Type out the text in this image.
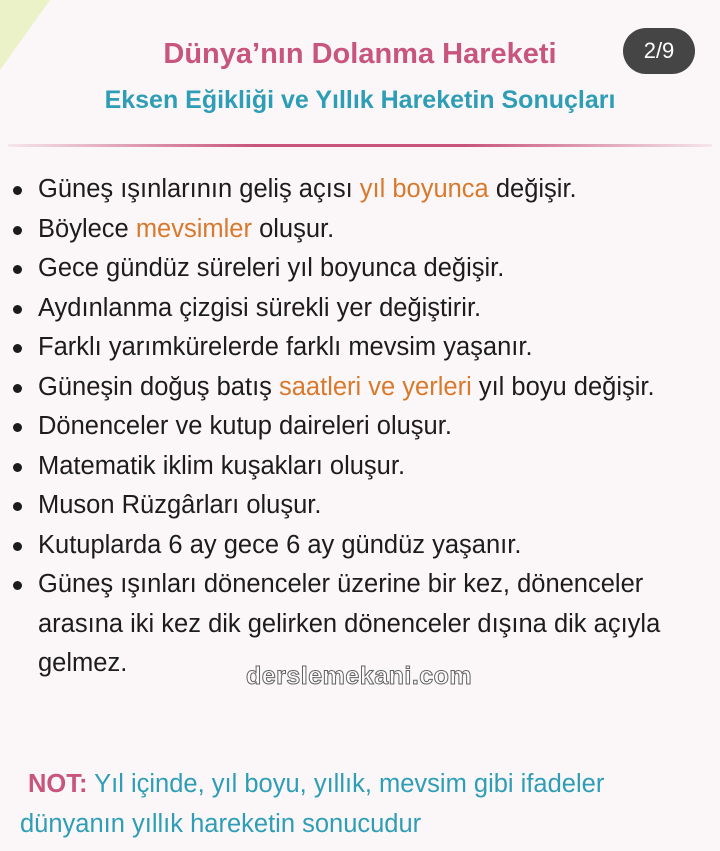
2/9
Dünya’nın Dolanma Hareketi
Eksen Eğikliği ve Yıllık Hareketin Sonuçları
Güneş ışınlarının geliş açısı yıl boyunca değişir.
Böylece mevsimler oluşur.
Gece gündüz süreleri yıl boyunca değişir.
Aydınlanma çizgisi sürekli yer değiştirir.
Farklı yarımkürelerde farklı mevsim yaşanır.
Güneşin doğuş batış saatleri ve yerleri yıl boyu değişir.
Dönenceler ve kutup daireleri oluşur.
Matematik iklim kuşakları oluşur.
Muson Rüzgârları oluşur.
Kutuplarda 6 ay gece 6 ay gündüz yaşanır.
Güneş ışınları dönenceler üzerine bir kez, dönenceler arasına iki kez dik gelirken dönenceler dışına dik açıyla gelmez.	derslemekani.com
NOT: Yıl içinde, yıl boyu, yıllık, mevsim gibi ifadeler dünyanın yıllık hareketin sonucudur
